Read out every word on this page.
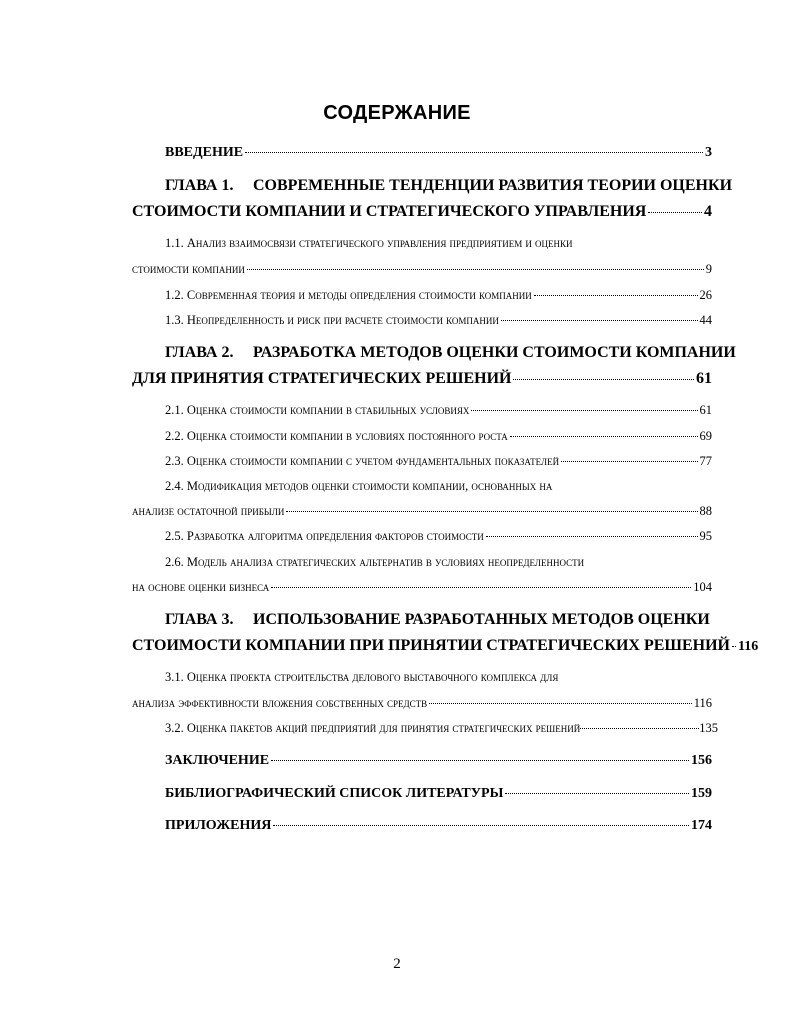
СОДЕРЖАНИЕ
ВВЕДЕНИЕ	3
ГЛАВА 1. СОВРЕМЕННЫЕ ТЕНДЕНЦИИ РАЗВИТИЯ ТЕОРИИ ОЦЕНКИ
СТОИМОСТИ КОМПАНИИ И СТРАТЕГИЧЕСКОГО УПРАВЛЕНИЯ	4
1.1. Анализ взаимосвязи стратегического управления предприятием и оценки
стоимости компании	9
1.2. Современная теория и методы определения стоимости компании	26
1.3. Неопределенность и риск при расчете стоимости компании	44
ГЛАВА 2. РАЗРАБОТКА МЕТОДОВ ОЦЕНКИ СТОИМОСТИ КОМПАНИИ
ДЛЯ ПРИНЯТИЯ СТРАТЕГИЧЕСКИХ РЕШЕНИЙ	61
2.1. Оценка стоимости компании в стабильных условиях	61
2.2. Оценка стоимости компании в условиях постоянного роста	69
2.3. Оценка стоимости компании с учетом фундаментальных показателей	77
2.4. Модификация методов оценки стоимости компании, основанных на
анализе остаточной прибыли	88
2.5. Разработка алгоритма определения факторов стоимости	95
2.6. Модель анализа стратегических альтернатив в условиях неопределенности
на основе оценки бизнеса	104
ГЛАВА 3. ИСПОЛЬЗОВАНИЕ РАЗРАБОТАННЫХ МЕТОДОВ ОЦЕНКИ
СТОИМОСТИ КОМПАНИИ ПРИ ПРИНЯТИИ СТРАТЕГИЧЕСКИХ РЕШЕНИЙ 116
3.1. Оценка проекта строительства делового выставочного комплекса для
анализа эффективности вложения собственных средств	116
3.2. Оценка пакетов акций предприятий для принятия стратегических решений	135
ЗАКЛЮЧЕНИЕ	156
БИБЛИОГРАФИЧЕСКИЙ СПИСОК ЛИТЕРАТУРЫ	159
ПРИЛОЖЕНИЯ	174
2
